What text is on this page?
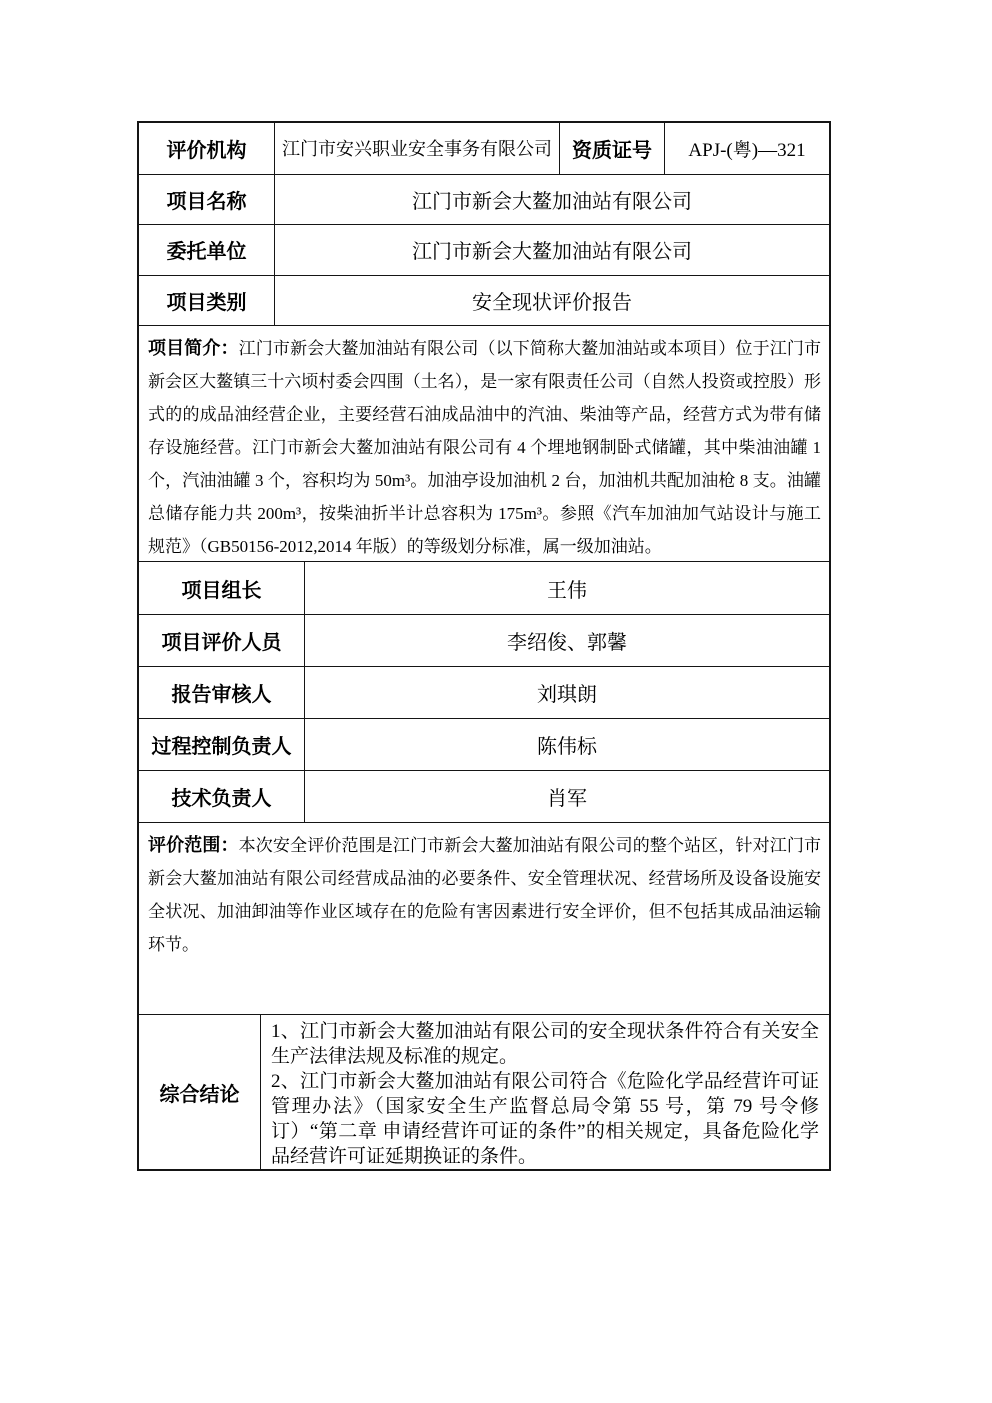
评价机构	江门市安兴职业安全事务有限公司	资质证号	APJ-(粤)—321
项目名称	江门市新会大鳌加油站有限公司
委托单位	江门市新会大鳌加油站有限公司
项目类别	安全现状评价报告
项目简介：江门市新会大鳌加油站有限公司（以下简称大鳌加油站或本项目）位于江门市新会区大鳌镇三十六顷村委会四围（土名），是一家有限责任公司（自然人投资或控股）形式的的成品油经营企业，主要经营石油成品油中的汽油、柴油等产品，经营方式为带有储存设施经营。江门市新会大鳌加油站有限公司有 4 个埋地钢制卧式储罐，其中柴油油罐 1 个，汽油油罐 3 个，容积均为 50m³。加油亭设加油机 2 台，加油机共配加油枪 8 支。油罐总储存能力共 200m³，按柴油折半计总容积为 175m³。参照《汽车加油加气站设计与施工规范》（GB50156-2012,2014 年版）的等级划分标准，属一级加油站。
项目组长	王伟
项目评价人员	李绍俊、郭馨
报告审核人	刘琪朗
过程控制负责人	陈伟标
技术负责人	肖军
评价范围：本次安全评价范围是江门市新会大鳌加油站有限公司的整个站区，针对江门市新会大鳌加油站有限公司经营成品油的必要条件、安全管理状况、经营场所及设备设施安全状况、加油卸油等作业区域存在的危险有害因素进行安全评价，但不包括其成品油运输环节。
综合结论
1、江门市新会大鳌加油站有限公司的安全现状条件符合有关安全生产法律法规及标准的规定。
2、江门市新会大鳌加油站有限公司符合《危险化学品经营许可证管理办法》（国家安全生产监督总局令第 55 号，第 79 号令修订）“第二章 申请经营许可证的条件”的相关规定，具备危险化学品经营许可证延期换证的条件。
